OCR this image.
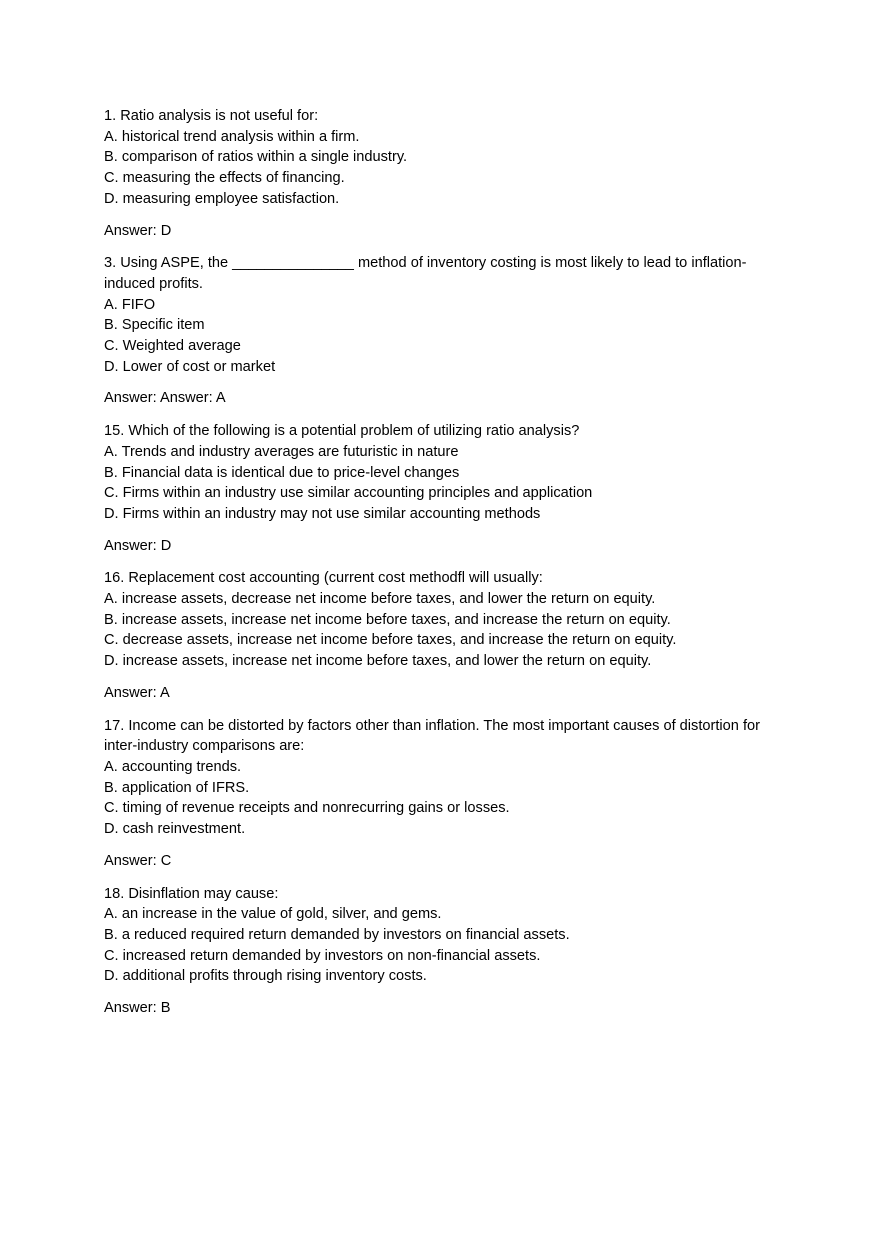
1. Ratio analysis is not useful for:
A. historical trend analysis within a firm.
B. comparison of ratios within a single industry.
C. measuring the effects of financing.
D. measuring employee satisfaction.
Answer: D
3. Using ASPE, the _______________ method of inventory costing is most likely to lead to inflation-induced profits.
A. FIFO
B. Specific item
C. Weighted average
D. Lower of cost or market
Answer: Answer: A
15. Which of the following is a potential problem of utilizing ratio analysis?
A. Trends and industry averages are futuristic in nature
B. Financial data is identical due to price-level changes
C. Firms within an industry use similar accounting principles and application
D. Firms within an industry may not use similar accounting methods
Answer: D
16. Replacement cost accounting (current cost methodfl will usually:
A. increase assets, decrease net income before taxes, and lower the return on equity.
B. increase assets, increase net income before taxes, and increase the return on equity.
C. decrease assets, increase net income before taxes, and increase the return on equity.
D. increase assets, increase net income before taxes, and lower the return on equity.
Answer: A
17. Income can be distorted by factors other than inflation. The most important causes of distortion for inter-industry comparisons are:
A. accounting trends.
B. application of IFRS.
C. timing of revenue receipts and nonrecurring gains or losses.
D. cash reinvestment.
Answer: C
18. Disinflation may cause:
A. an increase in the value of gold, silver, and gems.
B. a reduced required return demanded by investors on financial assets.
C. increased return demanded by investors on non-financial assets.
D. additional profits through rising inventory costs.
Answer: B
